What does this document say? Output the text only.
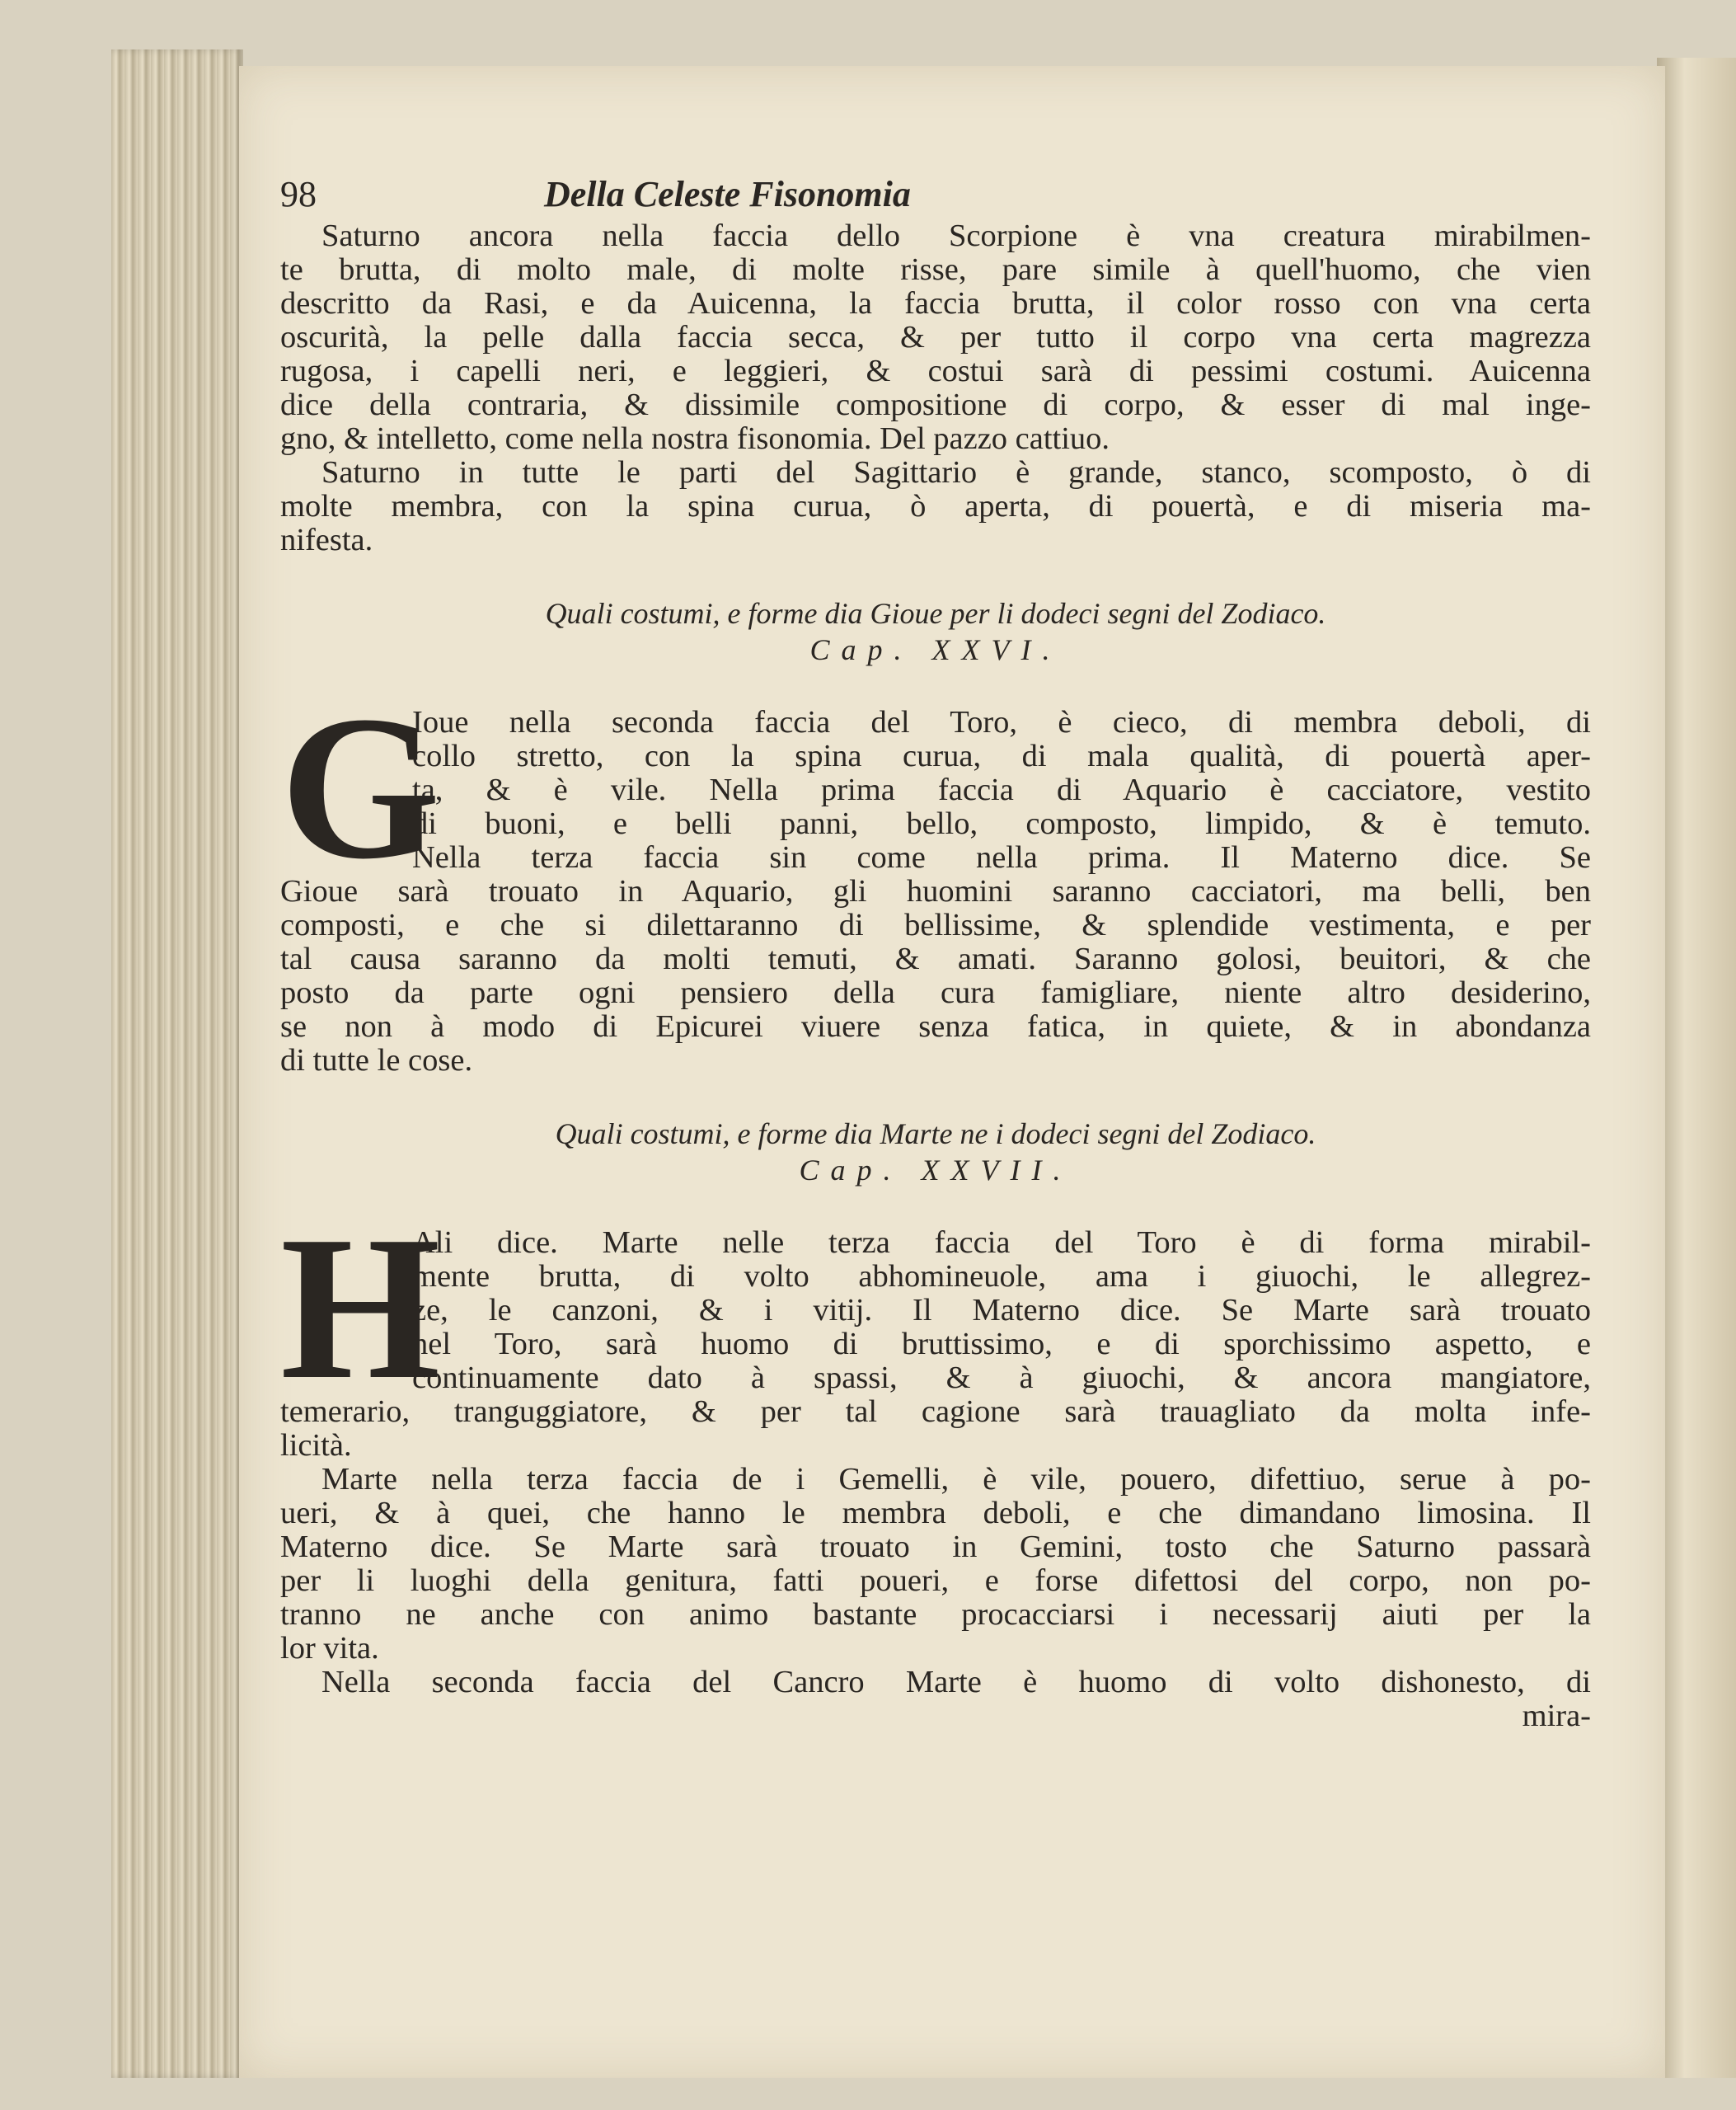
98	Della Celeste Fisonomia
Saturno ancora nella faccia dello Scorpione è vna creatura mirabilmen-
te brutta, di molto male, di molte risse, pare simile à quell'huomo, che vien
descritto da Rasi, e da Auicenna, la faccia brutta, il color rosso con vna certa
oscurità, la pelle dalla faccia secca, & per tutto il corpo vna certa magrezza
rugosa, i capelli neri, e leggieri, & costui sarà di pessimi costumi. Auicenna
dice della contraria, & dissimile compositione di corpo, & esser di mal inge-
gno, & intelletto, come nella nostra fisonomia. Del pazzo cattiuo.
Saturno in tutte le parti del Sagittario è grande, stanco, scomposto, ò di
molte membra, con la spina curua, ò aperta, di pouertà, e di miseria ma-
nifesta.
Quali costumi, e forme dia Gioue per li dodeci segni del Zodiaco.
Cap. XXVI.
G
Ioue nella seconda faccia del Toro, è cieco, di membra deboli, di
collo stretto, con la spina curua, di mala qualità, di pouertà aper-
ta, & è vile. Nella prima faccia di Aquario è cacciatore, vestito
di buoni, e belli panni, bello, composto, limpido, & è temuto.
Nella terza faccia sin come nella prima. Il Materno dice. Se
Gioue sarà trouato in Aquario, gli huomini saranno cacciatori, ma belli, ben
composti, e che si dilettaranno di bellissime, & splendide vestimenta, e per
tal causa saranno da molti temuti, & amati. Saranno golosi, beuitori, & che
posto da parte ogni pensiero della cura famigliare, niente altro desiderino,
se non à modo di Epicurei viuere senza fatica, in quiete, & in abondanza
di tutte le cose.
Quali costumi, e forme dia Marte ne i dodeci segni del Zodiaco.
Cap. XXVII.
H
Ali dice. Marte nelle terza faccia del Toro è di forma mirabil-
mente brutta, di volto abhomineuole, ama i giuochi, le allegrez-
ze, le canzoni, & i vitij. Il Materno dice. Se Marte sarà trouato
nel Toro, sarà huomo di bruttissimo, e di sporchissimo aspetto, e
continuamente dato à spassi, & à giuochi, & ancora mangiatore,
temerario, tranguggiatore, & per tal cagione sarà trauagliato da molta infe-
licità.
Marte nella terza faccia de i Gemelli, è vile, pouero, difettiuo, serue à po-
ueri, & à quei, che hanno le membra deboli, e che dimandano limosina. Il
Materno dice. Se Marte sarà trouato in Gemini, tosto che Saturno passarà
per li luoghi della genitura, fatti poueri, e forse difettosi del corpo, non po-
tranno ne anche con animo bastante procacciarsi i necessarij aiuti per la
lor vita.
Nella seconda faccia del Cancro Marte è huomo di volto dishonesto, di
mira-
